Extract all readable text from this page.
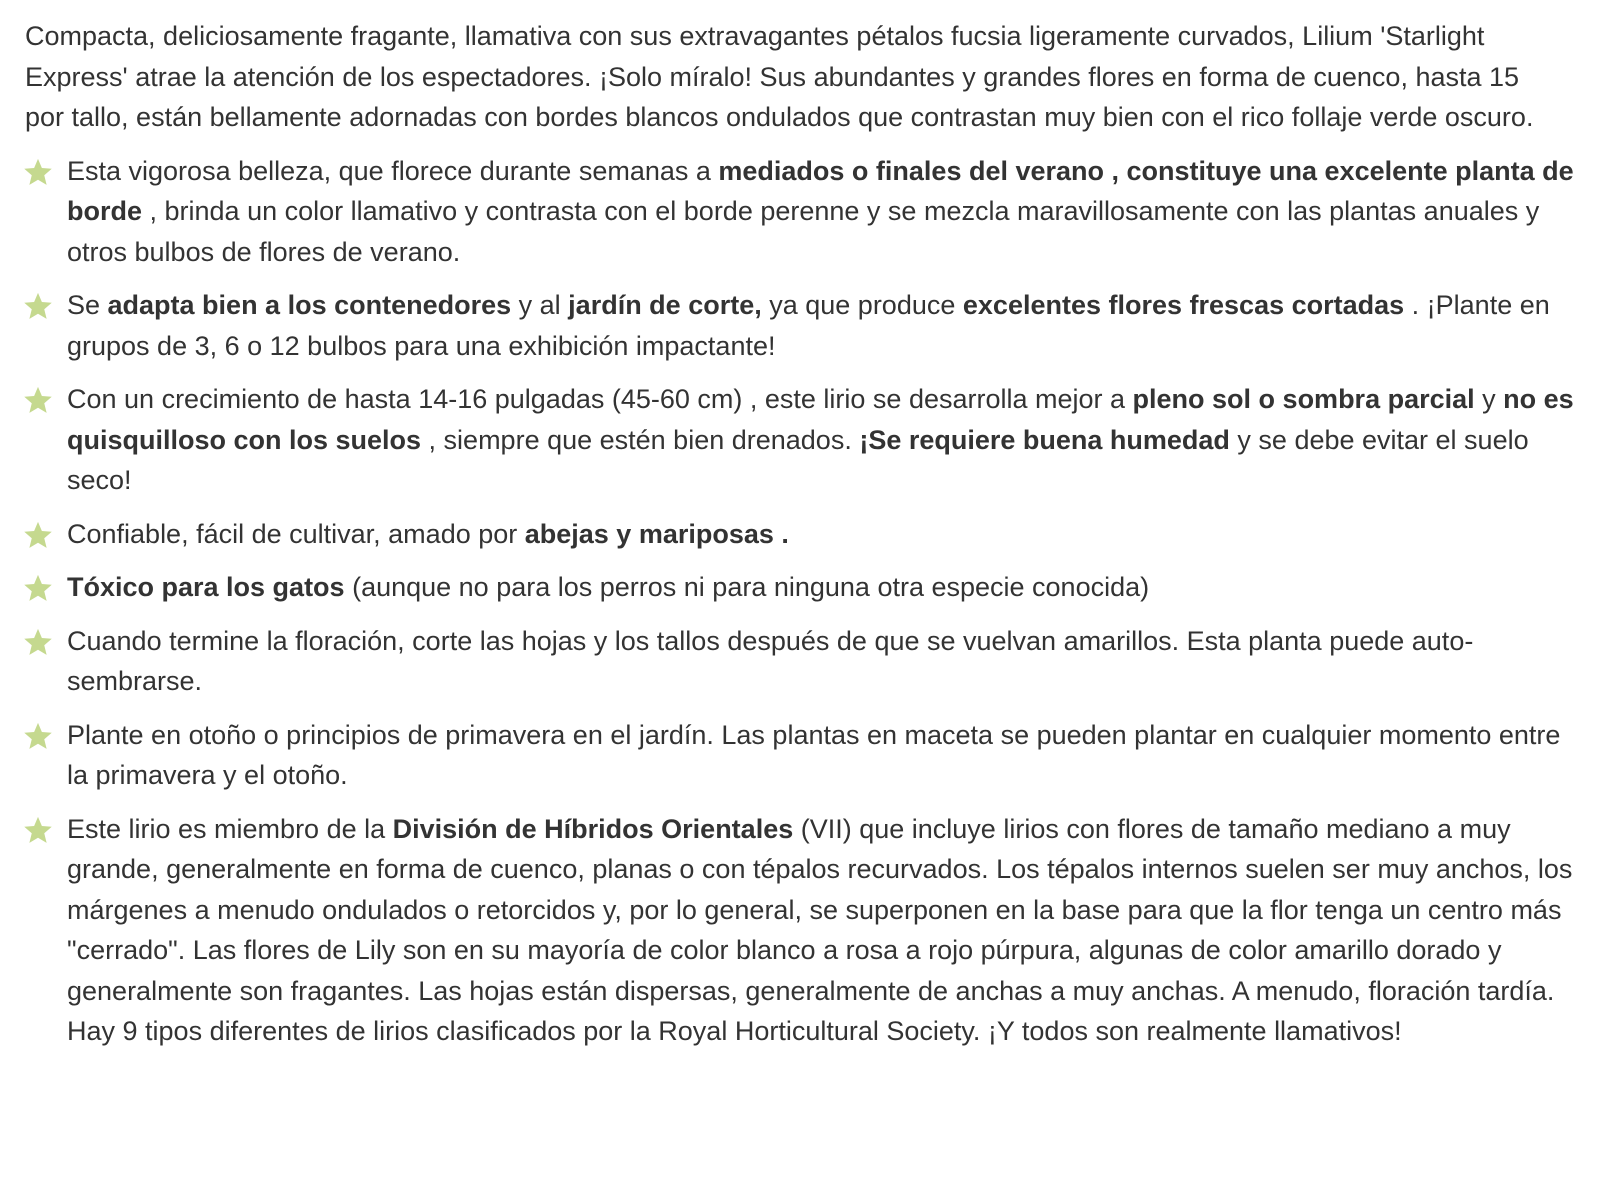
Compacta, deliciosamente fragante, llamativa con sus extravagantes pétalos fucsia ligeramente curvados, Lilium 'Starlight Express' atrae la atención de los espectadores. ¡Solo míralo! Sus abundantes y grandes flores en forma de cuenco, hasta 15 por tallo, están bellamente adornadas con bordes blancos ondulados que contrastan muy bien con el rico follaje verde oscuro.

Esta vigorosa belleza, que florece durante semanas a mediados o finales del verano , constituye una excelente planta de borde , brinda un color llamativo y contrasta con el borde perenne y se mezcla maravillosamente con las plantas anuales y otros bulbos de flores de verano.
Se adapta bien a los contenedores y al jardín de corte, ya que produce excelentes flores frescas cortadas . ¡Plante en grupos de 3, 6 o 12 bulbos para una exhibición impactante!
Con un crecimiento de hasta 14-16 pulgadas (45-60 cm) , este lirio se desarrolla mejor a pleno sol o sombra parcial y no es quisquilloso con los suelos , siempre que estén bien drenados. ¡Se requiere buena humedad y se debe evitar el suelo seco!
Confiable, fácil de cultivar, amado por abejas y mariposas .
Tóxico para los gatos (aunque no para los perros ni para ninguna otra especie conocida)
Cuando termine la floración, corte las hojas y los tallos después de que se vuelvan amarillos. Esta planta puede auto-sembrarse.
Plante en otoño o principios de primavera en el jardín. Las plantas en maceta se pueden plantar en cualquier momento entre la primavera y el otoño.
Este lirio es miembro de la División de Híbridos Orientales (VII) que incluye lirios con flores de tamaño mediano a muy grande, generalmente en forma de cuenco, planas o con tépalos recurvados. Los tépalos internos suelen ser muy anchos, los márgenes a menudo ondulados o retorcidos y, por lo general, se superponen en la base para que la flor tenga un centro más "cerrado". Las flores de Lily son en su mayoría de color blanco a rosa a rojo púrpura, algunas de color amarillo dorado y generalmente son fragantes. Las hojas están dispersas, generalmente de anchas a muy anchas. A menudo, floración tardía. Hay 9 tipos diferentes de lirios clasificados por la Royal Horticultural Society. ¡Y todos son realmente llamativos!
